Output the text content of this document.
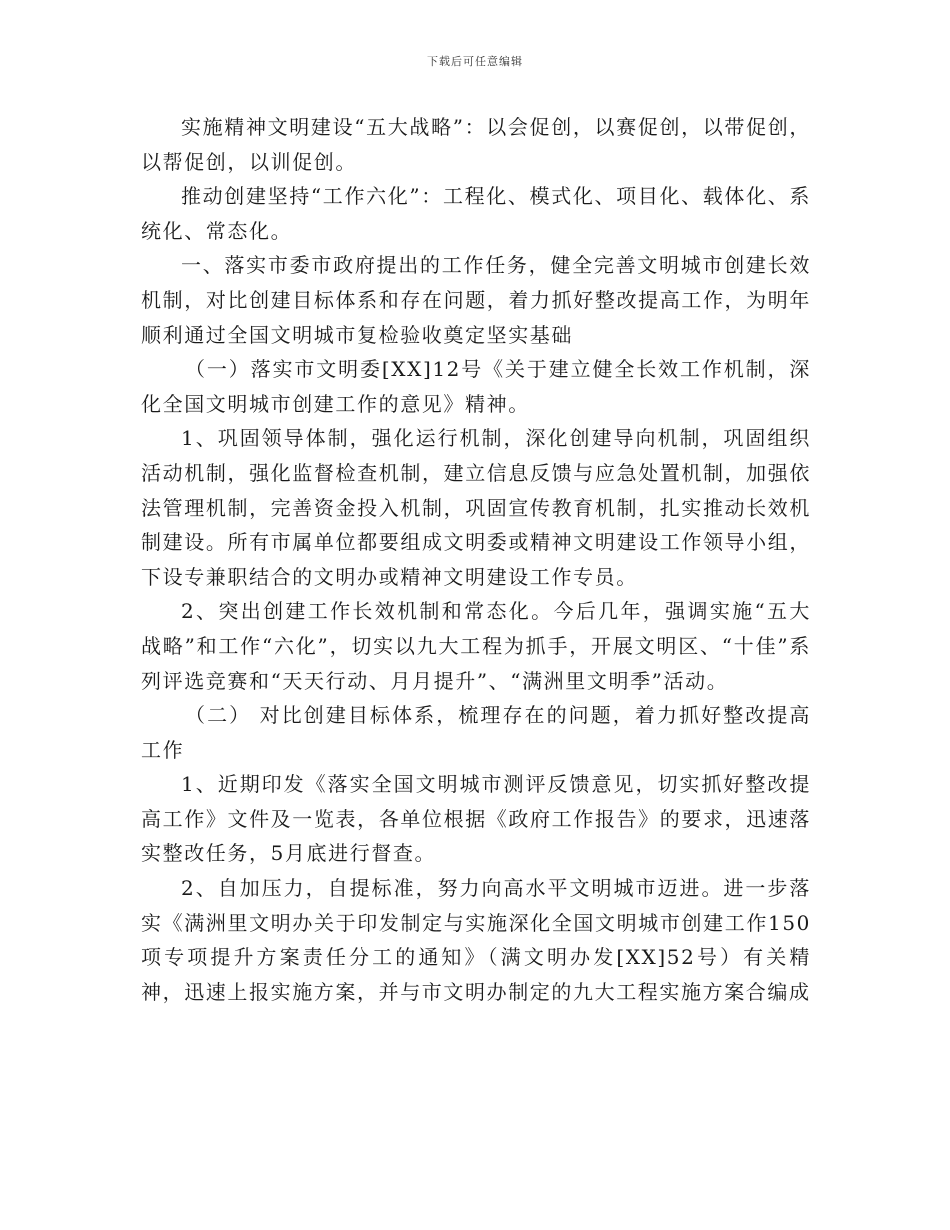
下载后可任意编辑

实施精神文明建设“五大战略”：以会促创，以赛促创，以带促创，以帮促创，以训促创。

推动创建坚持“工作六化”：工程化、模式化、项目化、载体化、系统化、常态化。

一、落实市委市政府提出的工作任务，健全完善文明城市创建长效机制，对比创建目标体系和存在问题，着力抓好整改提高工作，为明年顺利通过全国文明城市复检验收奠定坚实基础

（一）落实市文明委[XX]12号《关于建立健全长效工作机制，深化全国文明城市创建工作的意见》精神。

1、巩固领导体制，强化运行机制，深化创建导向机制，巩固组织活动机制，强化监督检查机制，建立信息反馈与应急处置机制，加强依法管理机制，完善资金投入机制，巩固宣传教育机制，扎实推动长效机制建设。所有市属单位都要组成文明委或精神文明建设工作领导小组，下设专兼职结合的文明办或精神文明建设工作专员。

2、突出创建工作长效机制和常态化。今后几年，强调实施“五大战略”和工作“六化”，切实以九大工程为抓手，开展文明区、“十佳”系列评选竞赛和“天天行动、月月提升”、“满洲里文明季”活动。

（二） 对比创建目标体系，梳理存在的问题，着力抓好整改提高工作

1、近期印发《落实全国文明城市测评反馈意见，切实抓好整改提高工作》文件及一览表，各单位根据《政府工作报告》的要求，迅速落实整改任务，5月底进行督查。

2、自加压力，自提标准，努力向高水平文明城市迈进。进一步落实《满洲里文明办关于印发制定与实施深化全国文明城市创建工作150项专项提升方案责任分工的通知》（满文明办发[XX]52号）有关精神，迅速上报实施方案，并与市文明办制定的九大工程实施方案合编成
